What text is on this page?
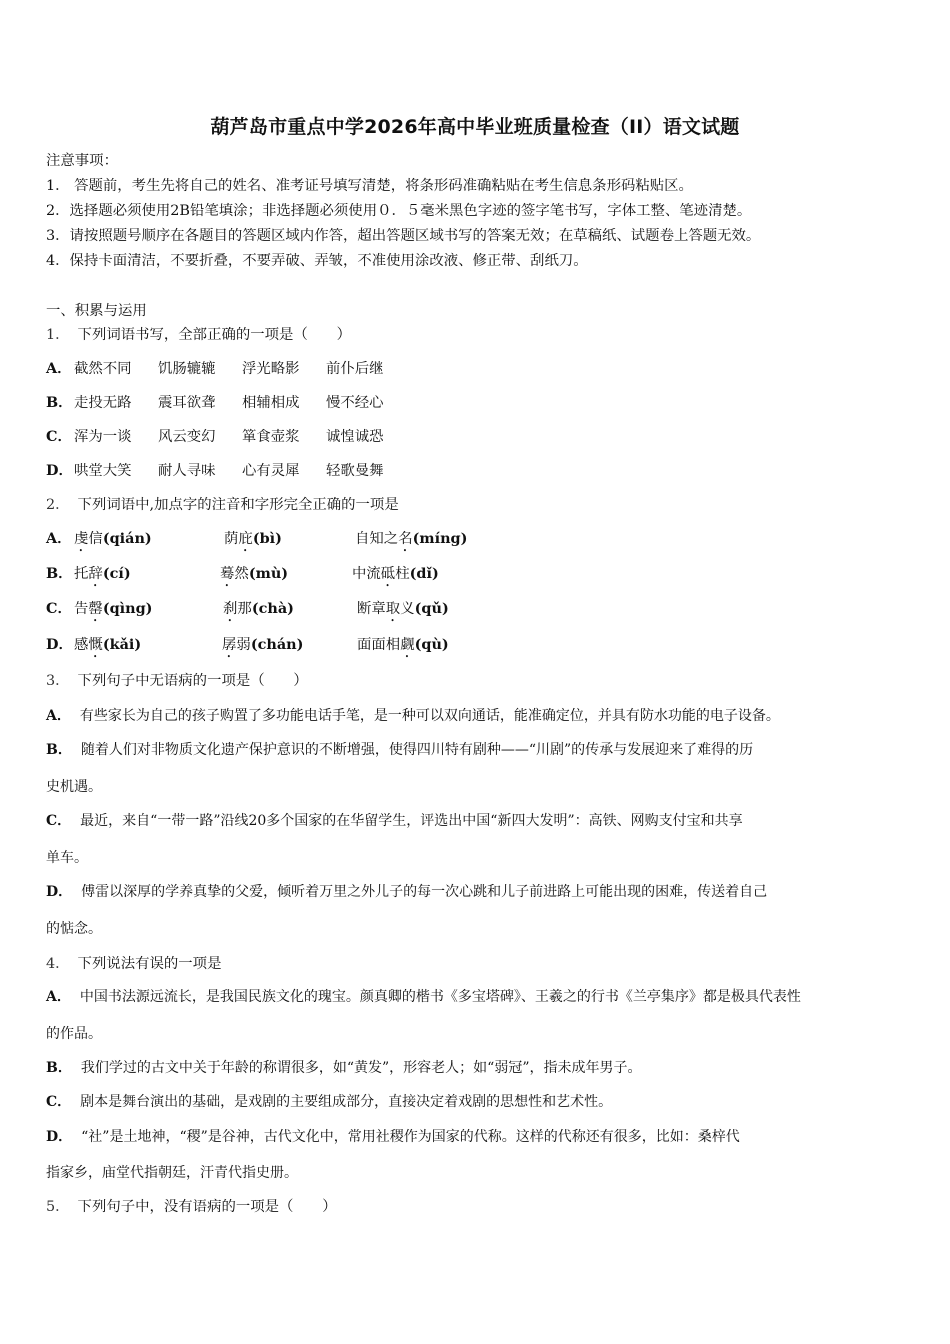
葫芦岛市重点中学2026年高中毕业班质量检查（II）语文试题
注意事项：
1． 答题前，考生先将自己的姓名、准考证号填写清楚，将条形码准确粘贴在考生信息条形码粘贴区。
2．选择题必须使用2B铅笔填涂；非选择题必须使用０．５毫米黑色字迹的签字笔书写，字体工整、笔迹清楚。
3．请按照题号顺序在各题目的答题区域内作答，超出答题区域书写的答案无效；在草稿纸、试题卷上答题无效。
4．保持卡面清洁，不要折叠，不要弄破、弄皱，不准使用涂改液、修正带、刮纸刀。
一、积累与运用
1． 下列词语书写，全部正确的一项是（　　）
A． 截然不同 饥肠辘辘 浮光略影 前仆后继
B． 走投无路 震耳欲聋 相辅相成 慢不经心
C． 浑为一谈 风云变幻 箪食壶浆 诚惶诚恐
D． 哄堂大笑 耐人寻味 心有灵犀 轻歌曼舞
2． 下列词语中,加点字的注音和字形完全正确的一项是
A． 虔信(qián)	荫庇(bì)	自知之名(míng)
B． 托辞(cí)	蓦然(mù)	中流砥柱(dǐ)
C． 告罄(qìng)	刹那(chà)	断章取义(qǔ)
D． 感慨(kǎi)	孱弱(chán)	面面相觑(qù)
3． 下列句子中无语病的一项是（　　）
A． 有些家长为自己的孩子购置了多功能电话手笔，是一种可以双向通话，能准确定位，并具有防水功能的电子设备。
B． 随着人们对非物质文化遗产保护意识的不断增强，使得四川特有剧种——“川剧”的传承与发展迎来了难得的历
史机遇。
C． 最近，来自“一带一路”沿线20多个国家的在华留学生，评选出中国“新四大发明”：高铁、网购支付宝和共享
单车。
D． 傅雷以深厚的学养真挚的父爱，倾听着万里之外儿子的每一次心跳和儿子前进路上可能出现的困难，传送着自己
的惦念。
4． 下列说法有误的一项是
A． 中国书法源远流长，是我国民族文化的瑰宝。颜真卿的楷书《多宝塔碑》、王羲之的行书《兰亭集序》都是极具代表性
的作品。
B． 我们学过的古文中关于年龄的称谓很多，如“黄发”，形容老人；如“弱冠”，指未成年男子。
C． 剧本是舞台演出的基础，是戏剧的主要组成部分，直接决定着戏剧的思想性和艺术性。
D． “社”是土地神，“稷”是谷神，古代文化中，常用社稷作为国家的代称。这样的代称还有很多，比如：桑梓代
指家乡，庙堂代指朝廷，汗青代指史册。
5． 下列句子中，没有语病的一项是（　　）
